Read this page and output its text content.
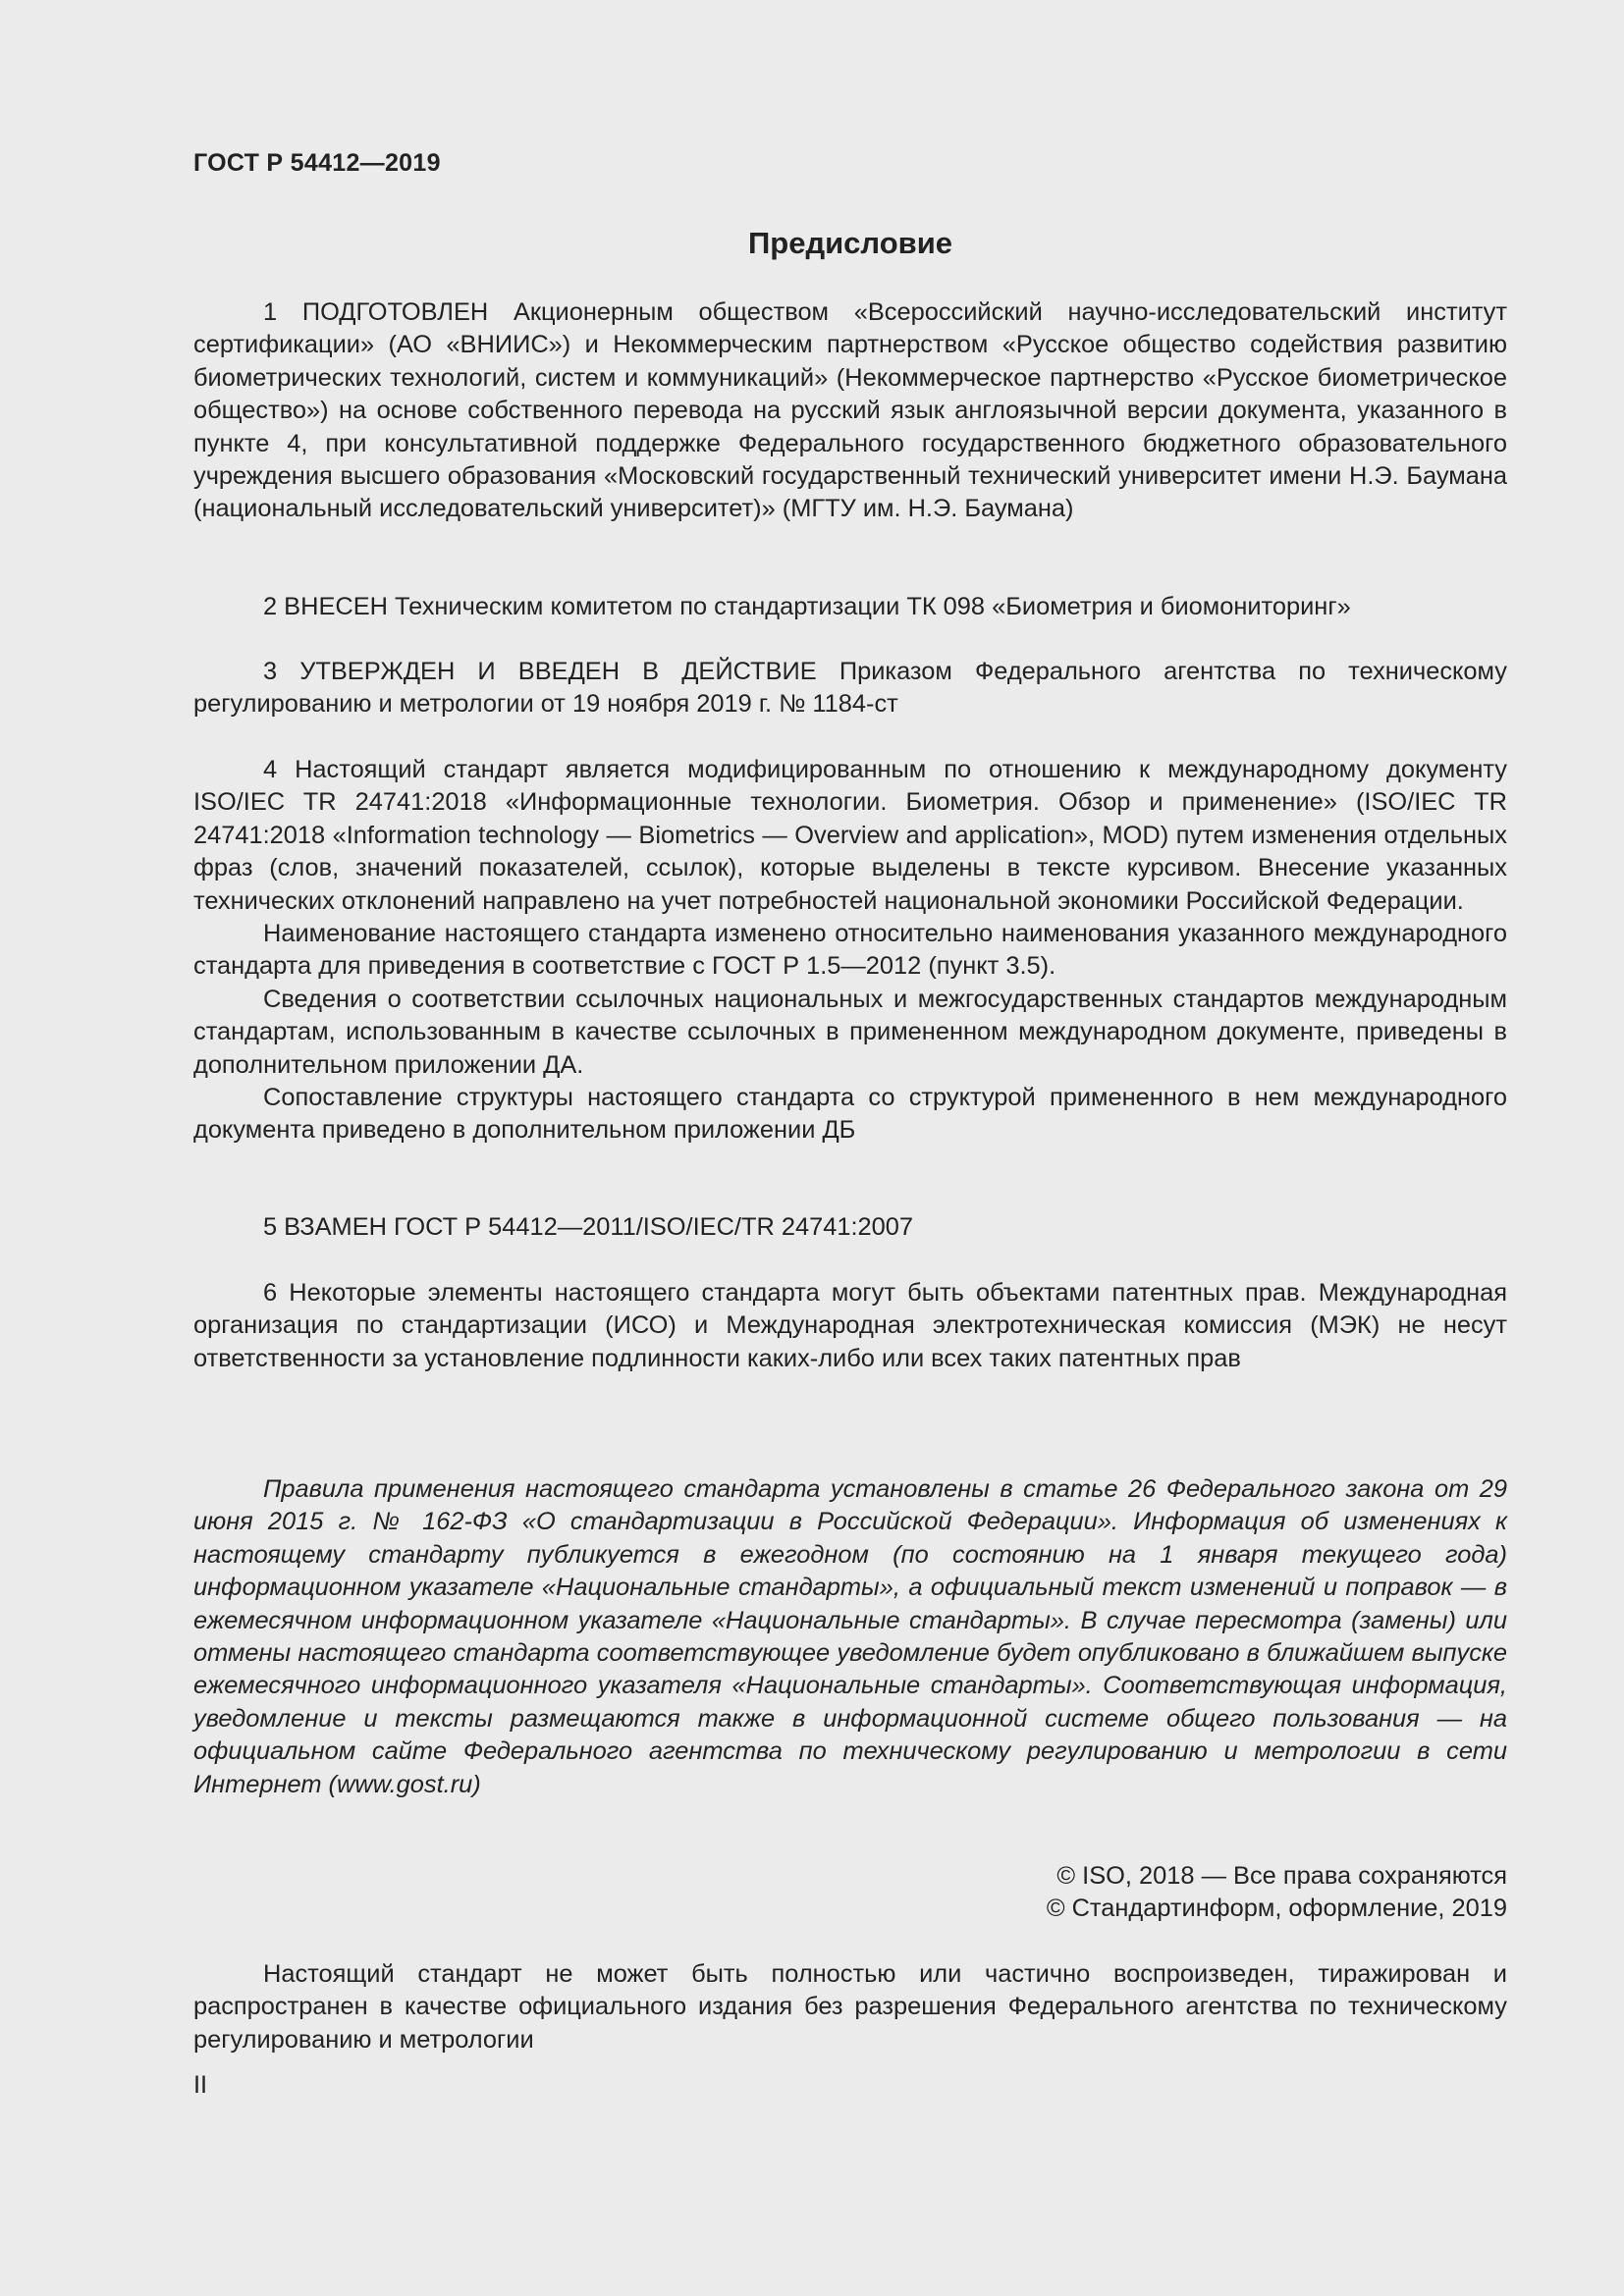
ГОСТ Р 54412—2019
Предисловие

1 ПОДГОТОВЛЕН Акционерным обществом «Всероссийский научно-исследовательский институт сертификации» (АО «ВНИИС») и Некоммерческим партнерством «Русское общество содействия развитию биометрических технологий, систем и коммуникаций» (Некоммерческое партнерство «Русское биометрическое общество») на основе собственного перевода на русский язык англоязычной версии документа, указанного в пункте 4, при консультативной поддержке Федерального государственного бюджетного образовательного учреждения высшего образования «Московский государственный технический университет имени Н.Э. Баумана (национальный исследовательский университет)» (МГТУ им. Н.Э. Баумана)

2 ВНЕСЕН Техническим комитетом по стандартизации ТК 098 «Биометрия и биомониторинг»

3 УТВЕРЖДЕН И ВВЕДЕН В ДЕЙСТВИЕ Приказом Федерального агентства по техническому регулированию и метрологии от 19 ноября 2019 г. № 1184-ст

4 Настоящий стандарт является модифицированным по отношению к международному документу ISO/IEC TR 24741:2018 «Информационные технологии. Биометрия. Обзор и применение» (ISO/IEC TR 24741:2018 «Information technology — Biometrics — Overview and application», MOD) путем изменения отдельных фраз (слов, значений показателей, ссылок), которые выделены в тексте курсивом. Внесение указанных технических отклонений направлено на учет потребностей национальной экономики Российской Федерации.

Наименование настоящего стандарта изменено относительно наименования указанного международного стандарта для приведения в соответствие с ГОСТ Р 1.5—2012 (пункт 3.5).

Сведения о соответствии ссылочных национальных и межгосударственных стандартов международным стандартам, использованным в качестве ссылочных в примененном международном документе, приведены в дополнительном приложении ДА.

Сопоставление структуры настоящего стандарта со структурой примененного в нем международного документа приведено в дополнительном приложении ДБ

5 ВЗАМЕН ГОСТ Р 54412—2011/ISO/IEC/TR 24741:2007

6 Некоторые элементы настоящего стандарта могут быть объектами патентных прав. Международная организация по стандартизации (ИСО) и Международная электротехническая комиссия (МЭК) не несут ответственности за установление подлинности каких-либо или всех таких патентных прав

Правила применения настоящего стандарта установлены в статье 26 Федерального закона от 29 июня 2015 г. № 162-ФЗ «О стандартизации в Российской Федерации». Информация об изменениях к настоящему стандарту публикуется в ежегодном (по состоянию на 1 января текущего года) информационном указателе «Национальные стандарты», а официальный текст изменений и поправок — в ежемесячном информационном указателе «Национальные стандарты». В случае пересмотра (замены) или отмены настоящего стандарта соответствующее уведомление будет опубликовано в ближайшем выпуске ежемесячного информационного указателя «Национальные стандарты». Соответствующая информация, уведомление и тексты размещаются также в информационной системе общего пользования — на официальном сайте Федерального агентства по техническому регулированию и метрологии в сети Интернет (www.gost.ru)

© ISO, 2018 — Все права сохраняются
© Стандартинформ, оформление, 2019

Настоящий стандарт не может быть полностью или частично воспроизведен, тиражирован и распространен в качестве официального издания без разрешения Федерального агентства по техническому регулированию и метрологии

II
